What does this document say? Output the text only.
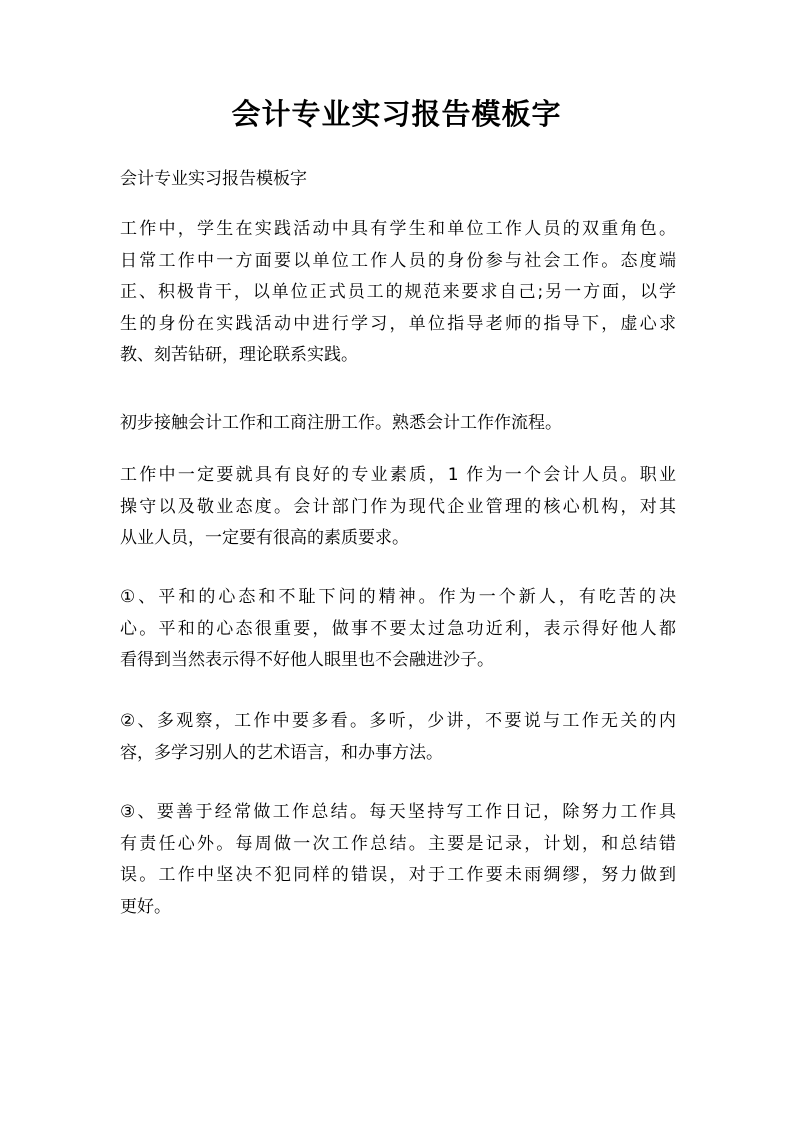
会计专业实习报告模板字
会计专业实习报告模板字
工作中，学生在实践活动中具有学生和单位工作人员的双重角色。
日常工作中一方面要以单位工作人员的身份参与社会工作。态度端
正、积极肯干，以单位正式员工的规范来要求自己;另一方面，以学
生的身份在实践活动中进行学习，单位指导老师的指导下，虚心求
教、刻苦钻研，理论联系实践。
初步接触会计工作和工商注册工作。熟悉会计工作作流程。
工作中一定要就具有良好的专业素质，1 作为一个会计人员。职业
操守以及敬业态度。会计部门作为现代企业管理的核心机构，对其
从业人员，一定要有很高的素质要求。
①、平和的心态和不耻下问的精神。作为一个新人，有吃苦的决
心。平和的心态很重要，做事不要太过急功近利，表示得好他人都
看得到当然表示得不好他人眼里也不会融进沙子。
②、多观察，工作中要多看。多听，少讲，不要说与工作无关的内
容，多学习别人的艺术语言，和办事方法。
③、要善于经常做工作总结。每天坚持写工作日记，除努力工作具
有责任心外。每周做一次工作总结。主要是记录，计划，和总结错
误。工作中坚决不犯同样的错误，对于工作要未雨绸缪，努力做到
更好。
